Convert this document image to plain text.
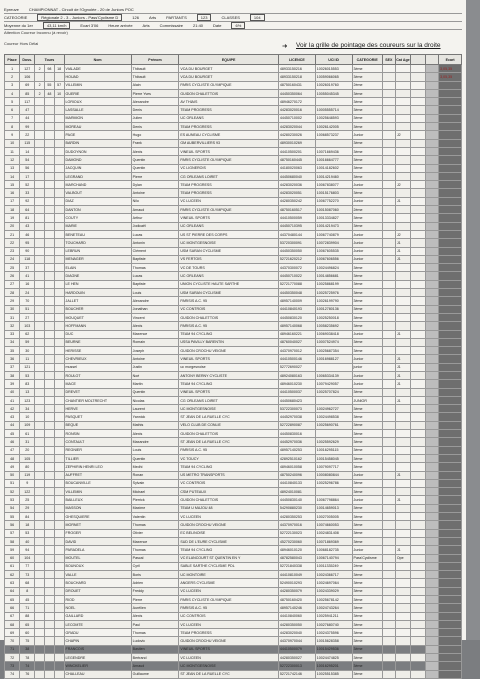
Epreuve	CHAMPIONNAT - Circuit de l'Ognolée - 20 de Juniors POC
CATEGORIE	Régionale 2 - 3 - Juniors - Pass'Cyclisme D	126	Arts	PARTANTS	123	CLASSES	104
Moyenne du 1er	43,11 km/h	Ecart 3'06	Heure arrivée	Arts	Commissaire	21:40	Date	6%
Attention Coureur Inconnu (à revoir)
Coureur Hors Délai	➜ Voir la grille de pointage des coureurs sur la droite
Place	Doss.	Tours			Nom	Prénom	EQUIPE	LICENCE	UCI ID	CATEGORIE	SEX	Cat Age			Ecart
1	127	2	98	18	VIALADE	Thibault	VCA DU BOURGET	48933150216	10026015553	3ème					3,05,35
2	106				HOUAD	Thibault	VCA DU BOURGET	48933150218	10059066065	3ème					3,05,35
3	69	2	55	57	VILLEMIN	Alain	PARIS CYCLISTE OLYMPIQUE	48750160431	10026019760	2ème					
4	85	2	48	10	GUERIE	Pierre Yves	GUIDON CHALETTOIS	44450350064	10055045345	3ème					
5	117				LORIOUX	Alexandre	AV THIAIS	48946270172		3ème					
6	47				LASSALLE	Denis	TEAM PROGRESS	44283020016	10005555714	3ème					
7	44				MARMION	Julien	UC ORLEANS	44450710002	10025648593	3ème					
8	99				MOREAU	Denis	TEAM PROGRESS	44283020044	10026142005	3ème					
9	22				PAGE	Hugo	ES AUNEAU CYCLISME	44280230026	10068573237	Junior		J2			
10	115				BARDIN	Frank	GM AUBERVILLIERS 93	48930010269		3ème					
11	14				DUDOYNON	Alexis	VINEUIL SPORTS	44410500201	10071669436	3ème					
12	54				DAMOND	Quentin	PARIS CYCLISTE OLYMPIQUE	48750160445	10016664777	3ème					
13	56				JACQUIN	Quentin	VC LIGNEROIS	44180020063	10014182602	3ème					
14	17				LEGRAND	Pierre	CG ORLEANS LOIRET	44450680040	10014219460	3ème					
15	52				MARCHAND	Dylan	TEAM PROGRESS	44283020036	10067838077	Junior		J2			
16	33				VALBOUT	Antoine	TEAM PROGRESS	44283020051	10015176803	3ème					
17	92				DIAZ	Nilo	VC LUCEEN	44280350242	10067752270	Junior		J1			
18	64				DANTON	Arnaud	PARIS CYCLISTE OLYMPIQUE	48750160517	10015087060	2ème					
19	81				COUTY	Arthur	VINEUIL SPORTS	44410500059	10013334827	3ème					
20	43				MARIE	Jodicaël	UC ORLEANS	44450710395	10014219473	3ème					
21	46				BENETEAU	Lucas	US ST PIERRE DES CORPS	44370480144	10067740879	Junior		J2			
22	95				TOUCHARD	Antonin	UC MONTGESNOISE	53720300091	10072839904	Junior		J1			
23	90				LEBRUN	Clément	USM SARAN CYCLISME	44450350050	10067605535	Junior		J1			
24	118				MENAGER	Baptiste	VS FERTOIS	52721620212	10067606556	Junior		J1			
25	37				ELAIN	Thomas	VC DE TOURS	44370300072	10024496824	3ème					
26	41				DIAGNE	Lucas	UC ORLEANS	44450710022	10014856681	3ème					
27	16				LE HEN	Baptiste	UNION CYCLISTE HAUTE SARTHE	52721770088	10025868199	3ème					
28	24				HARDOUIN	Louis	USM SARAN CYCLISME	44450350048	10025725976	3ème					
29	70				JALLET	Alexandre	PARISIS A.C. 95	48957140009	10026199790	3ème					
30	51				BOUCHER	Jonathan	VC CONTROIS	44410840193	10012780136	3ème					
31	27				MOUQUET	Vincent	GUIDON CHALETTOIS	44450830120	10025250018	3ème					
32	103				HOFFMANN	Alexis	PARISIS A.C. 95	48957140068	10058235692	3ème					
33	62				DUC	Maxence	TEAM 94 CYCLING	48946160221	10069038418	Junior		J1			
34	59				BEURNE	Romain	USSA PAVILLY BARENTIN	48760040027	10007524974	3ème					
35	30				HERISSE	Joseph	GUIDON CROCHU VEIGNE	44370970012	10025687354	3ème					
36	11				CHEVRIEUX	Antoine	VINEUIL SPORTS	44410500146	10016988127	Junior		J1			
37	121				mussel	Justin	uc morgesnoise	52772690027		junior		J1			
38	53				ROULOT	Noé	ANTONY BERNY CYCLISTE	48924080163	10065334139	Junior		J1			
39	83				MACE	Martin	TEAM 94 CYCLING	48946010230	10079429057	Junior		J1			
40	13				DREVET	Quentin	VINEUIL SPORTS	44410500037	10025707824	3ème					
41	123				CHANTIER MOLTRECHT	Nicolas	CG ORLEANS LOIRET	44450680423		JUNIOR		J1			
42	34				HERVE	Laurent	UC MONTGESNOISE	53722300073	10024962727	3ème					
43	10				PASQUET	Yannick	ST JEAN DE LA RUELLE CYC	44452970038	10024498538	3ème					
44	109				BEQUE	Mathis	VELO CLUB DE CONLIE	52722890087	10025690761	3ème					
45	61				RONSIN	Alexis	GUIDON CHALETTOIS	44450830016		3ème					
46	31				CONTAULT	Maxandre	ST JEAN DE LA RUELLE CYC	44452970036	10025592629	3ème					
47	20				REGNIER	Louis	PARISIS A.C. 95	48957140253	10016295115	3ème					
48	105				TILLIER	Quentin	VC TOUCY	42892510162	10015458045	3ème					
49	80				ZEPHIRIN HENRI LEO	Medhi	TEAM 94 CYCLING	48946010058	10079097717	3ème					
50	119				AUFFRET	Ronan	US METRO TRANSPORTS	48750240096	10008080844	Junior		J1			
51	9				BOUCANVILLE	Sylvain	VC CONTROIS	44410840133	10025296786	3ème					
52	122				VILLEMIN	Michael	CSM PUTEAUX	48924010081		3ème					
53	25				BAILLEUX	Pierrick	GUIDON CHALETTOIS	44450830140	10067798864	Junior		J1			
54	29				MASSON	Maxime	TEAM U MAJOU 48	54290880230	10014659013	3ème					
55	84				GHESQUIERE	Valentin	VC LUCEEN	44280350253	10027005005	3ème					
56	18				MORNET	Thomas	GUIDON CROCHU VEIGNE	44370970016	10074660053	3ème					
57	53				FROGER	Olivier	EC BELINOISE	52722130023	10024831408	3ème					
58	40				DAVID	Maxence	SUD DE L'EURE CYCLISME	45270230060	10071869369	3ème					
59	94				PARADELA	Thomas	TEAM 94 CYCLING	48946010120	10068182735	Junior		J1			
60	104				MOUTEL	Pascal	VC ELANCOURT ST QUENTIN EN Y	48782580043	10067140794	Pass'Cyclisme		Ope			
61	77				BOUNOUX	Cyril	SABLE SARTHE CYCLISME PDL	52721840338	10011335249	2ème					
62	73				VALLE	Boris	UC MONTOIRE	44410810049	10024366717	3ème					
63	68				BOUCHARD	Adrien	ANGERS CYCLISME	52490010293	10024697064	3ème					
64	8				DROUET	Freddy	VC LUCEEN	44280350079	10024339029	3ème					
65	45				RIOD	Pierre	PARIS CYCLISTE OLYMPIQUE	48750160420	10025678142	3ème					
66	71				NOEL	Aurélien	PARISIS A.C. 95	48957140246	10024743264	3ème					
67	88				GAILLARD	Alexis	UC CONTROIS	44410840060	10025941211	3ème					
68	65				LECOMTE	Paul	VC LUCEEN	44280350050	10027680740	3ème					
69	60				GRADU	Thomas	TEAM PROGRESS	44283020040	10024375596	3ème					
70	75				CHAPIN	Ludovic	GUIDON CROCHU VEIGNE	44370970044	10015628358	3ème					
71	38				FRANCOIS	Bastien	VINEUIL SPORTS	44410500079	10015429536	3ème					
72	78				LEGENDRE	Bertrand	VC LUCEEN	44280350027	10024474825	3ème					
73	74				WINCKELIER	Arnaud	UC MONTGESNOISE	52722300013	10016295201	3ème					
74	76				CHALLEAU	Guillaume	ST JEAN DE LA RUELLE CYC	52721742146	10025515385	3ème					
